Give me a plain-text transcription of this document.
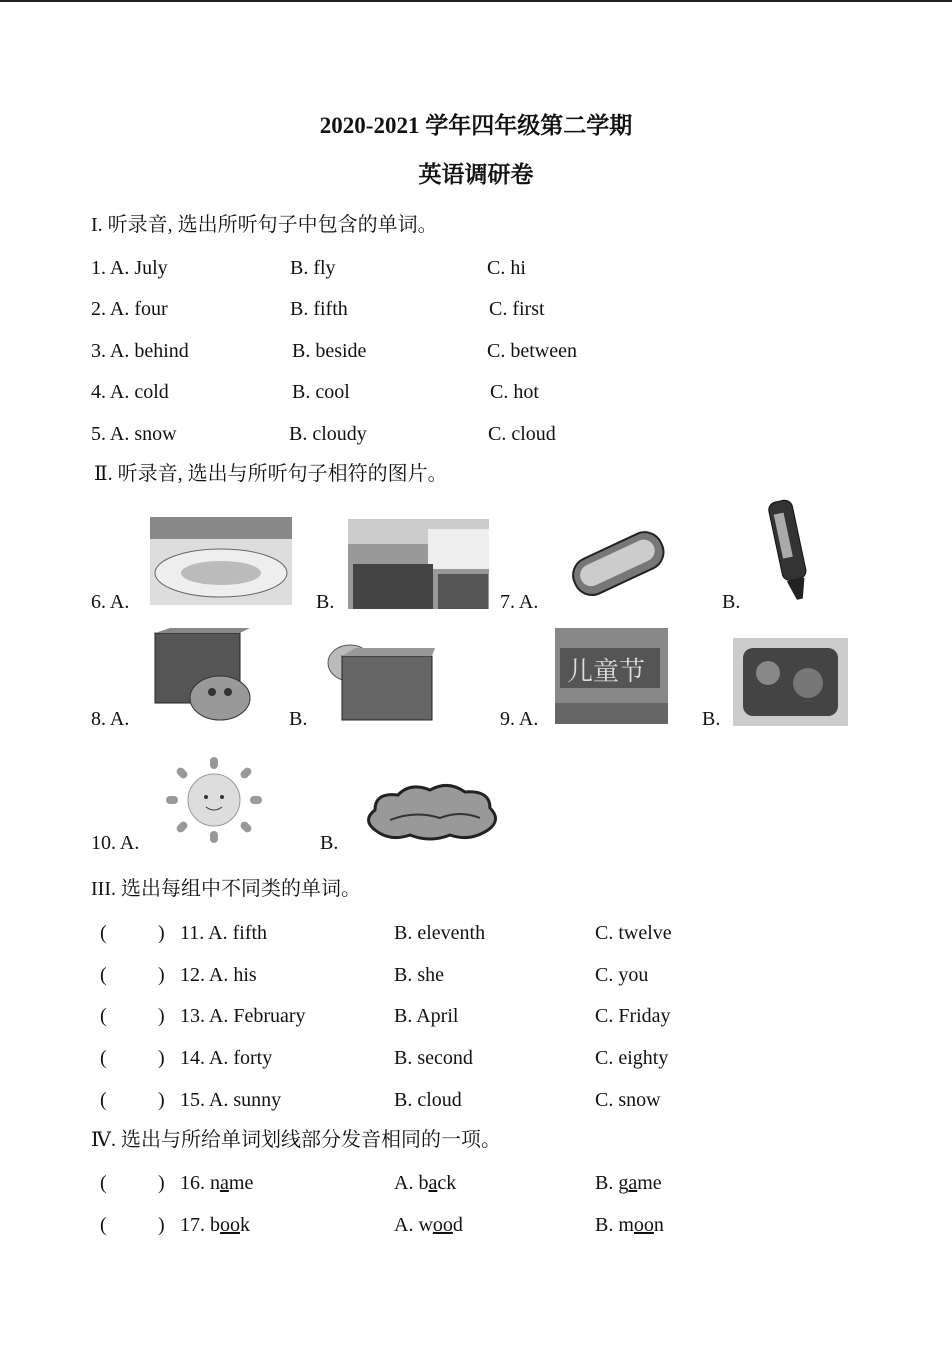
2020-2021 学年四年级第二学期
英语调研卷
I. 听录音, 选出所听句子中包含的单词。
1. A. July	B. fly	C. hi
2. A. four	B. fifth	C. first
3. A. behind	B. beside	C. between
4. A. cold	B. cool	C. hot
5. A. snow	B. cloudy	C. cloud
Ⅱ. 听录音, 选出与所听句子相符的图片。
6. A.	B.	7. A.	B.
8. A.	B.	9. A.
儿童节
B.
10. A.	B.
III. 选出每组中不同类的单词。
(	) 11. A. fifth	B. eleventh	C. twelve
(	) 12. A. his	B. she	C. you
(	) 13. A. February	B. April	C. Friday
(	) 14. A. forty	B. second	C. eighty
(	) 15. A. sunny	B. cloud	C. snow
Ⅳ. 选出与所给单词划线部分发音相同的一项。
(	) 16. name	A. back	B. game
(	) 17. book	A. wood	B. moon
